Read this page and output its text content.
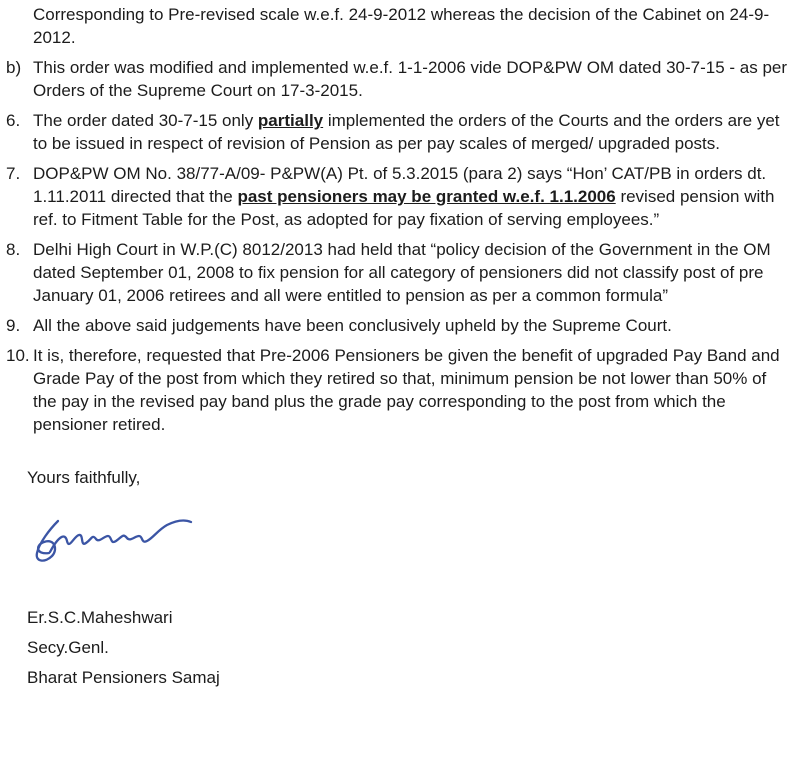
Corresponding to Pre-revised scale w.e.f. 24-9-2012 whereas the decision of the Cabinet on 24-9-2012.
b) This order was modified and implemented w.e.f. 1-1-2006 vide DOP&PW OM dated 30-7-15 - as per Orders of the Supreme Court on 17-3-2015.
6. The order dated 30-7-15 only partially implemented the orders of the Courts and the orders are yet to be issued in respect of revision of Pension as per pay scales of merged/ upgraded posts.
7. DOP&PW OM No. 38/77-A/09- P&PW(A) Pt. of 5.3.2015 (para 2) says “Hon’ CAT/PB in orders dt. 1.11.2011 directed that the past pensioners may be granted w.e.f. 1.1.2006 revised pension with ref. to Fitment Table for the Post, as adopted for pay fixation of serving employees.”
8. Delhi High Court in W.P.(C) 8012/2013 had held that “policy decision of the Government in the OM dated September 01, 2008 to fix pension for all category of pensioners did not classify post of pre January 01, 2006 retirees and all were entitled to pension as per a common formula”
9. All the above said judgements have been conclusively upheld by the Supreme Court.
10. It is, therefore, requested that Pre-2006 Pensioners be given the benefit of upgraded Pay Band and Grade Pay of the post from which they retired so that, minimum pension be not lower than 50% of the pay in the revised pay band plus the grade pay corresponding to the post from which the pensioner retired.
Yours faithfully,
Er.S.C.Maheshwari
Secy.Genl.
Bharat Pensioners Samaj
